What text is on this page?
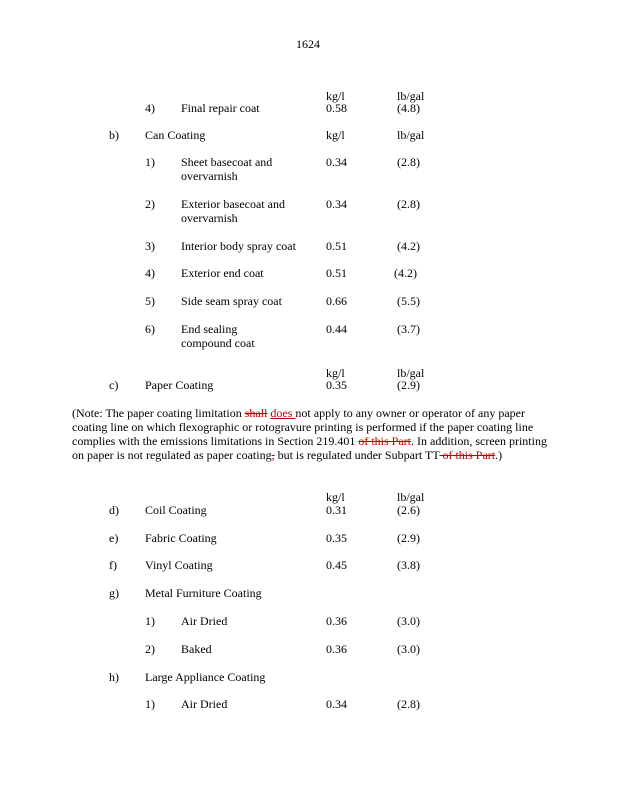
1624
kg/l	lb/gal
4) Final repair coat	0.58	(4.8)
b) Can Coating	kg/l	lb/gal
1) Sheet basecoat and
overvarnish
0.34	(2.8)
2) Exterior basecoat and
overvarnish
0.34	(2.8)
3) Interior body spray coat	0.51	(4.2)
4) Exterior end coat	0.51	(4.2)
5) Side seam spray coat	0.66	(5.5)
6) End sealing
compound coat
0.44	(3.7)
kg/l	lb/gal
c) Paper Coating	0.35	(2.9)
(Note: The paper coating limitation shall does not apply to any owner or operator of any paper coating line on which flexographic or rotogravure printing is performed if the paper coating line complies with the emissions limitations in Section 219.401 of this Part. In addition, screen printing on paper is not regulated as paper coating, but is regulated under Subpart TT of this Part.)
kg/l	lb/gal
d) Coil Coating	0.31	(2.6)
e) Fabric Coating	0.35	(2.9)
f) Vinyl Coating	0.45	(3.8)
g) Metal Furniture Coating
1) Air Dried	0.36	(3.0)
2) Baked	0.36	(3.0)
h) Large Appliance Coating
1) Air Dried	0.34	(2.8)
